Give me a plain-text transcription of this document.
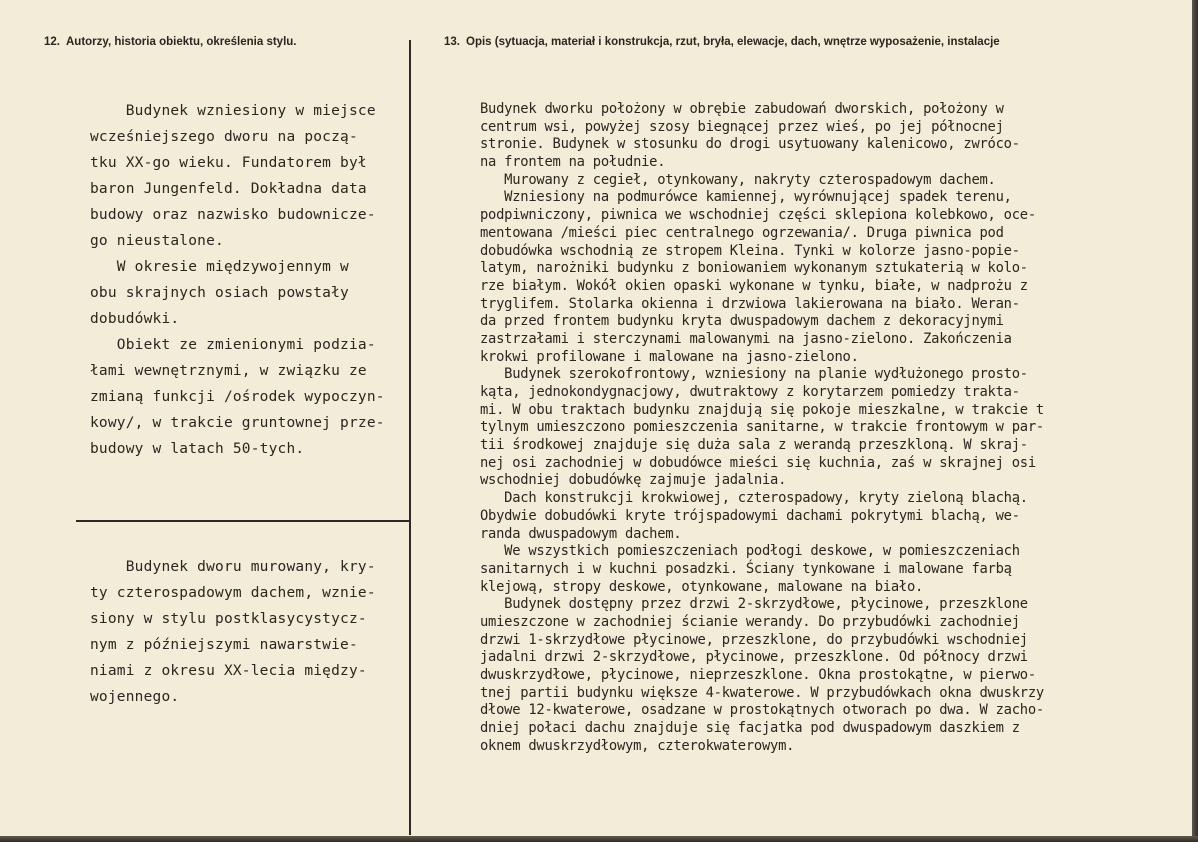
12. Autorzy, historia obiektu, określenia stylu.	13. Opis (sytuacja, materiał i konstrukcja, rzut, bryła, elewacje, dach, wnętrze wyposażenie, instalacje
Budynek wzniesiony w miejsce
wcześniejszego dworu na począ-
tku XX-go wieku. Fundatorem był
baron Jungenfeld. Dokładna data
budowy oraz nazwisko budownicze-
go nieustalone.
W okresie międzywojennym w
obu skrajnych osiach powstały
dobudówki.
Obiekt ze zmienionymi podzia-
łami wewnętrznymi, w związku ze
zmianą funkcji /ośrodek wypoczyn-
kowy/, w trakcie gruntownej prze-
budowy w latach 50-tych.
Budynek dworu murowany, kry-
ty czterospadowym dachem, wznie-
siony w stylu postklasycystycz-
nym z późniejszymi nawarstwie-
niami z okresu XX-lecia między-
wojennego.
Budynek dworku położony w obrębie zabudowań dworskich, położony w
centrum wsi, powyżej szosy biegnącej przez wieś, po jej północnej
stronie. Budynek w stosunku do drogi usytuowany kalenicowo, zwróco-
na frontem na południe.
Murowany z cegieł, otynkowany, nakryty czterospadowym dachem.
Wzniesiony na podmurówce kamiennej, wyrównującej spadek terenu,
podpiwniczony, piwnica we wschodniej części sklepiona kolebkowo, oce-
mentowana /mieści piec centralnego ogrzewania/. Druga piwnica pod
dobudówka wschodnią ze stropem Kleina. Tynki w kolorze jasno-popie-
latym, narożniki budynku z boniowaniem wykonanym sztukaterią w kolo-
rze białym. Wokół okien opaski wykonane w tynku, białe, w nadprożu z
tryglifem. Stolarka okienna i drzwiowa lakierowana na biało. Weran-
da przed frontem budynku kryta dwuspadowym dachem z dekoracyjnymi
zastrzałami i sterczynami malowanymi na jasno-zielono. Zakończenia
krokwi profilowane i malowane na jasno-zielono.
Budynek szerokofrontowy, wzniesiony na planie wydłużonego prosto-
kąta, jednokondygnacjowy, dwutraktowy z korytarzem pomiedzy trakta-
mi. W obu traktach budynku znajdują się pokoje mieszkalne, w trakcie t
tylnym umieszczono pomieszczenia sanitarne, w trakcie frontowym w par-
tii środkowej znajduje się duża sala z werandą przeszkloną. W skraj-
nej osi zachodniej w dobudówce mieści się kuchnia, zaś w skrajnej osi
wschodniej dobudówkę zajmuje jadalnia.
Dach konstrukcji krokwiowej, czterospadowy, kryty zieloną blachą.
Obydwie dobudówki kryte trójspadowymi dachami pokrytymi blachą, we-
randa dwuspadowym dachem.
We wszystkich pomieszczeniach podłogi deskowe, w pomieszczeniach
sanitarnych i w kuchni posadzki. Ściany tynkowane i malowane farbą
klejową, stropy deskowe, otynkowane, malowane na biało.
Budynek dostępny przez drzwi 2-skrzydłowe, płycinowe, przeszklone
umieszczone w zachodniej ścianie werandy. Do przybudówki zachodniej
drzwi 1-skrzydłowe płycinowe, przeszklone, do przybudówki wschodniej
jadalni drzwi 2-skrzydłowe, płycinowe, przeszklone. Od północy drzwi
dwuskrzydłowe, płycinowe, nieprzeszklone. Okna prostokątne, w pierwo-
tnej partii budynku większe 4-kwaterowe. W przybudówkach okna dwuskrzy
dłowe 12-kwaterowe, osadzane w prostokątnych otworach po dwa. W zacho-
dniej połaci dachu znajduje się facjatka pod dwuspadowym daszkiem z
oknem dwuskrzydłowym, czterokwaterowym.
